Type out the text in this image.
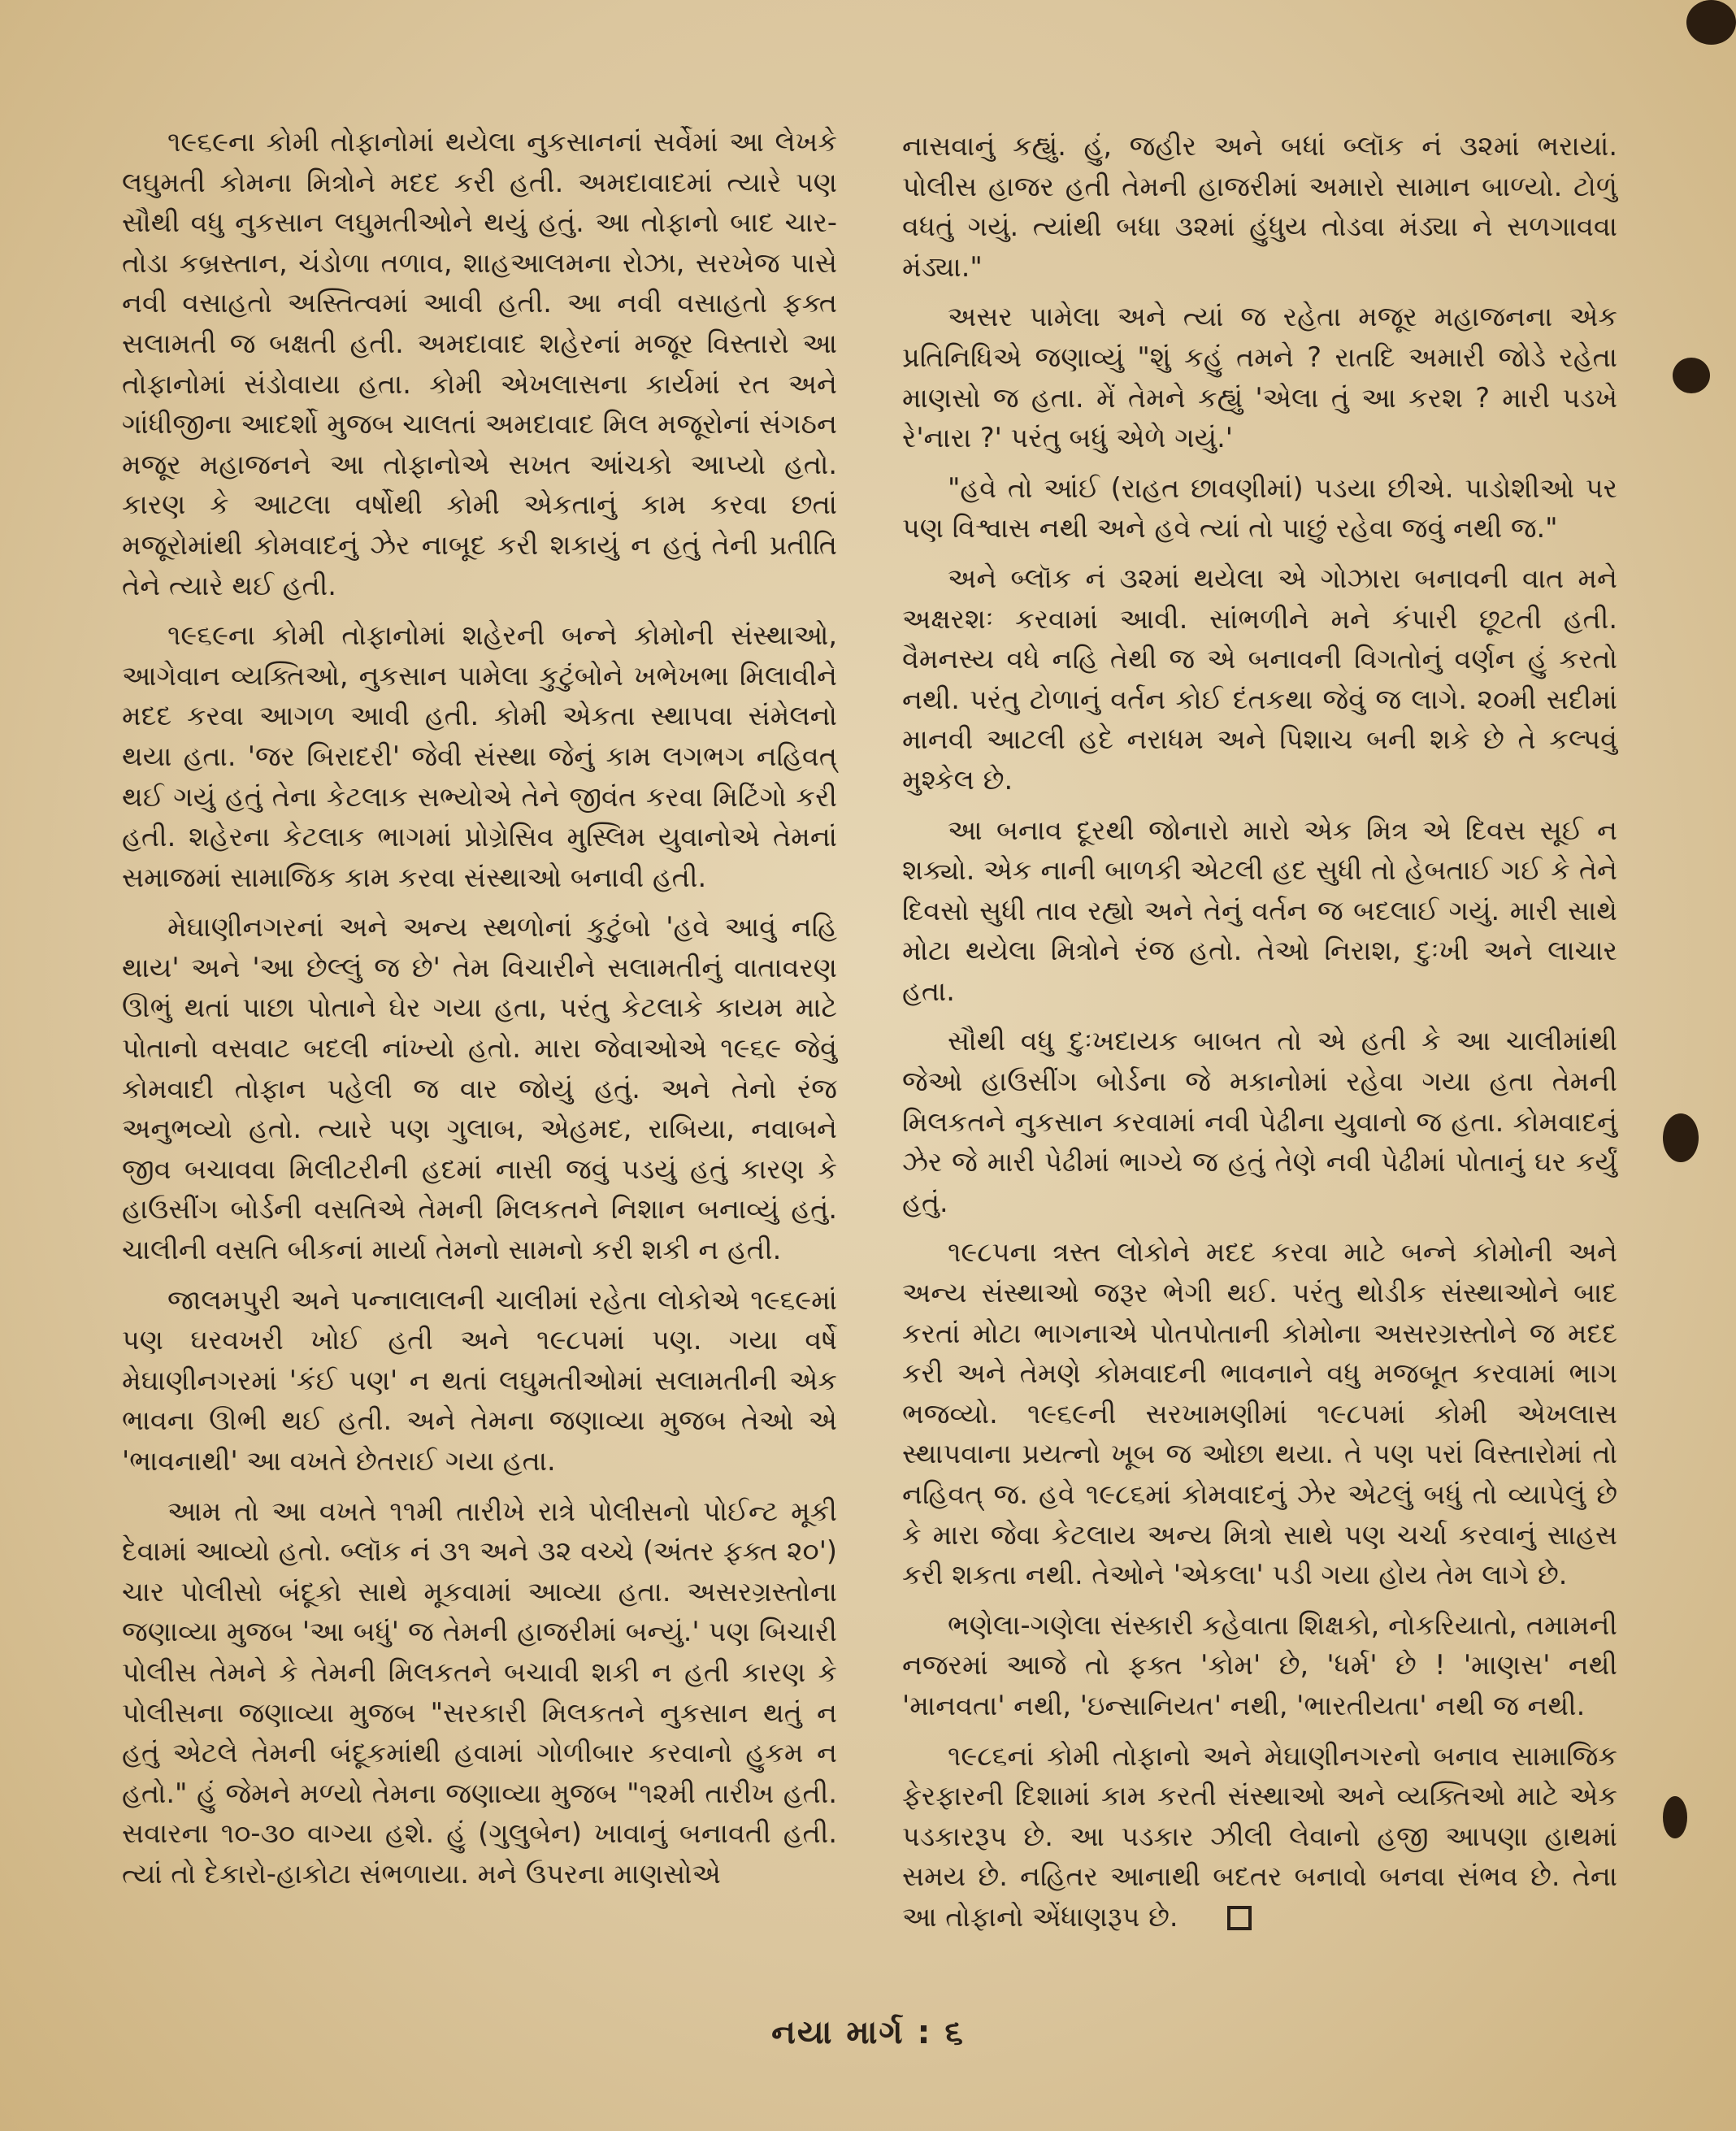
૧૯૬૯ના કોમી તોફાનોમાં થયેલા નુકસાનનાં સર્વેમાં આ લેખકે લઘુમતી કોમના મિત્રોને મદદ કરી હતી. અમદાવાદમાં ત્યારે પણ સૌથી વધુ નુકસાન લઘુમતીઓને થયું હતું. આ તોફાનો બાદ ચાર-તોડા કબ્રસ્તાન, ચંડોળા તળાવ, શાહઆલમના રોઝા, સરખેજ પાસે નવી વસાહતો અસ્તિત્વમાં આવી હતી. આ નવી વસાહતો ફક્ત સલામતી જ બક્ષતી હતી. અમદાવાદ શહેરનાં મજૂર વિસ્તારો આ તોફાનોમાં સંડોવાયા હતા. કોમી એખલાસના કાર્યમાં રત અને ગાંધીજીના આદર્શો મુજબ ચાલતાં અમદાવાદ મિલ મજૂરોનાં સંગઠન મજૂર મહાજનને આ તોફાનોએ સખત આંચકો આપ્યો હતો. કારણ કે આટલા વર્ષોથી કોમી એકતાનું કામ કરવા છતાં મજૂરોમાંથી કોમવાદનું ઝેર નાબૂદ કરી શકાયું ન હતું તેની પ્રતીતિ તેને ત્યારે થઈ હતી.

૧૯૬૯ના કોમી તોફાનોમાં શહેરની બન્ને કોમોની સંસ્થાઓ, આગેવાન વ્યક્તિઓ, નુકસાન પામેલા કુટુંબોને ખભેખભા મિલાવીને મદદ કરવા આગળ આવી હતી. કોમી એકતા સ્થાપવા સંમેલનો થયા હતા. 'જર બિરાદરી' જેવી સંસ્થા જેનું કામ લગભગ નહિવત્ થઈ ગયું હતું તેના કેટલાક સભ્યોએ તેને જીવંત કરવા મિટિંગો કરી હતી. શહેરના કેટલાક ભાગમાં પ્રોગ્રેસિવ મુસ્લિમ યુવાનોએ તેમનાં સમાજમાં સામાજિક કામ કરવા સંસ્થાઓ બનાવી હતી.

મેઘાણીનગરનાં અને અન્ય સ્થળોનાં કુટુંબો 'હવે આવું નહિ થાય' અને 'આ છેલ્લું જ છે' તેમ વિચારીને સલામતીનું વાતાવરણ ઊભું થતાં પાછા પોતાને ઘેર ગયા હતા, પરંતુ કેટલાકે કાયમ માટે પોતાનો વસવાટ બદલી નાંખ્યો હતો. મારા જેવાઓએ ૧૯૬૯ જેવું કોમવાદી તોફાન પહેલી જ વાર જોયું હતું. અને તેનો રંજ અનુભવ્યો હતો. ત્યારે પણ ગુલાબ, એહમદ, રાબિયા, નવાબને જીવ બચાવવા મિલીટરીની હદમાં નાસી જવું પડયું હતું કારણ કે હાઉસીંગ બોર્ડની વસતિએ તેમની મિલકતને નિશાન બનાવ્યું હતું. ચાલીની વસતિ બીકનાં માર્યા તેમનો સામનો કરી શકી ન હતી.

જાલમપુરી અને પન્નાલાલની ચાલીમાં રહેતા લોકોએ ૧૯૬૯માં પણ ઘરવખરી ખોઈ હતી અને ૧૯૮૫માં પણ. ગયા વર્ષે મેઘાણીનગરમાં 'કંઈ પણ' ન થતાં લઘુમતીઓમાં સલામતીની એક ભાવના ઊભી થઈ હતી. અને તેમના જણાવ્યા મુજબ તેઓ એ 'ભાવનાથી' આ વખતે છેતરાઈ ગયા હતા.

આમ તો આ વખતે ૧૧મી તારીખે રાત્રે પોલીસનો પોઈન્ટ મૂકી દેવામાં આવ્યો હતો. બ્લૉક નં ૩૧ અને ૩૨ વચ્ચે (અંતર ફક્ત ૨૦') ચાર પોલીસો બંદૂકો સાથે મૂકવામાં આવ્યા હતા. અસરગ્રસ્તોના જણાવ્યા મુજબ 'આ બધું' જ તેમની હાજરીમાં બન્યું.' પણ બિચારી પોલીસ તેમને કે તેમની મિલકતને બચાવી શકી ન હતી કારણ કે પોલીસના જણાવ્યા મુજબ "સરકારી મિલકતને નુકસાન થતું ન હતું એટલે તેમની બંદૂકમાંથી હવામાં ગોળીબાર કરવાનો હુકમ ન હતો." હું જેમને મળ્યો તેમના જણાવ્યા મુજબ "૧૨મી તારીખ હતી. સવારના ૧૦-૩૦ વાગ્યા હશે. હું (ગુલુબેન) ખાવાનું બનાવતી હતી. ત્યાં તો દેકારો-હાકોટા સંભળાયા. મને ઉપરના માણસોએ

નાસવાનું કહ્યું. હું, જહીર અને બધાં બ્લૉક નં ૩૨માં ભરાયાં. પોલીસ હાજર હતી તેમની હાજરીમાં અમારો સામાન બાળ્યો. ટોળું વધતું ગયું. ત્યાંથી બધા ૩૨માં હુંધુય તોડવા મંડ્યા ને સળગાવવા મંડ્યા."

અસર પામેલા અને ત્યાં જ રહેતા મજૂર મહાજનના એક પ્રતિનિધિએ જણાવ્યું "શું કહું તમને ? રાતદિ અમારી જોડે રહેતા માણસો જ હતા. મેં તેમને કહ્યું 'એલા તું આ કરશ ? મારી પડખે રે'નારા ?' પરંતુ બધું એળે ગયું.'

"હવે તો આંઈ (રાહત છાવણીમાં) પડયા છીએ. પાડોશીઓ પર પણ વિશ્વાસ નથી અને હવે ત્યાં તો પાછું રહેવા જવું નથી જ."

અને બ્લૉક નં ૩૨માં થયેલા એ ગોઝારા બનાવની વાત મને અક્ષરશઃ કરવામાં આવી. સાંભળીને મને કંપારી છૂટતી હતી. વૈમનસ્ય વધે નહિ તેથી જ એ બનાવની વિગતોનું વર્ણન હું કરતો નથી. પરંતુ ટોળાનું વર્તન કોઈ દંતકથા જેવું જ લાગે. ૨૦મી સદીમાં માનવી આટલી હદે નરાધમ અને પિશાચ બની શકે છે તે કલ્પવું મુશ્કેલ છે.

આ બનાવ દૂરથી જોનારો મારો એક મિત્ર એ દિવસ સૂઈ ન શક્યો. એક નાની બાળકી એટલી હદ સુધી તો હેબતાઈ ગઈ કે તેને દિવસો સુધી તાવ રહ્યો અને તેનું વર્તન જ બદલાઈ ગયું. મારી સાથે મોટા થયેલા મિત્રોને રંજ હતો. તેઓ નિરાશ, દુઃખી અને લાચાર હતા.

સૌથી વધુ દુઃખદાયક બાબત તો એ હતી કે આ ચાલીમાંથી જેઓ હાઉસીંગ બોર્ડના જે મકાનોમાં રહેવા ગયા હતા તેમની મિલકતને નુકસાન કરવામાં નવી પેઢીના યુવાનો જ હતા. કોમવાદનું ઝેર જે મારી પેઢીમાં ભાગ્યે જ હતું તેણે નવી પેઢીમાં પોતાનું ઘર કર્યું હતું.

૧૯૮૫ના ત્રસ્ત લોકોને મદદ કરવા માટે બન્ને કોમોની અને અન્ય સંસ્થાઓ જરૂર ભેગી થઈ. પરંતુ થોડીક સંસ્થાઓને બાદ કરતાં મોટા ભાગનાએ પોતપોતાની કોમોના અસરગ્રસ્તોને જ મદદ કરી અને તેમણે કોમવાદની ભાવનાને વધુ મજબૂત કરવામાં ભાગ ભજવ્યો. ૧૯૬૯ની સરખામણીમાં ૧૯૮૫માં કોમી એખલાસ સ્થાપવાના પ્રયત્નો ખૂબ જ ઓછા થયા. તે પણ પરાં વિસ્તારોમાં તો નહિવત્ જ. હવે ૧૯૮૬માં કોમવાદનું ઝેર એટલું બધું તો વ્યાપેલું છે કે મારા જેવા કેટલાય અન્ય મિત્રો સાથે પણ ચર્ચા કરવાનું સાહસ કરી શકતા નથી. તેઓને 'એકલા' પડી ગયા હોય તેમ લાગે છે.

ભણેલા-ગણેલા સંસ્કારી કહેવાતા શિક્ષકો, નોકરિયાતો, તમામની નજરમાં આજે તો ફક્ત 'કોમ' છે, 'ધર્મ' છે ! 'માણસ' નથી 'માનવતા' નથી, 'ઇન્સાનિયત' નથી, 'ભારતીયતા' નથી જ નથી.

૧૯૮૬નાં કોમી તોફાનો અને મેઘાણીનગરનો બનાવ સામાજિક ફેરફારની દિશામાં કામ કરતી સંસ્થાઓ અને વ્યક્તિઓ માટે એક પડકારરૂપ છે. આ પડકાર ઝીલી લેવાનો હજી આપણા હાથમાં સમય છે. નહિતર આનાથી બદતર બનાવો બનવા સંભવ છે. તેના આ તોફાનો એંધાણરૂપ છે.

નયા માર્ગ : ૬
